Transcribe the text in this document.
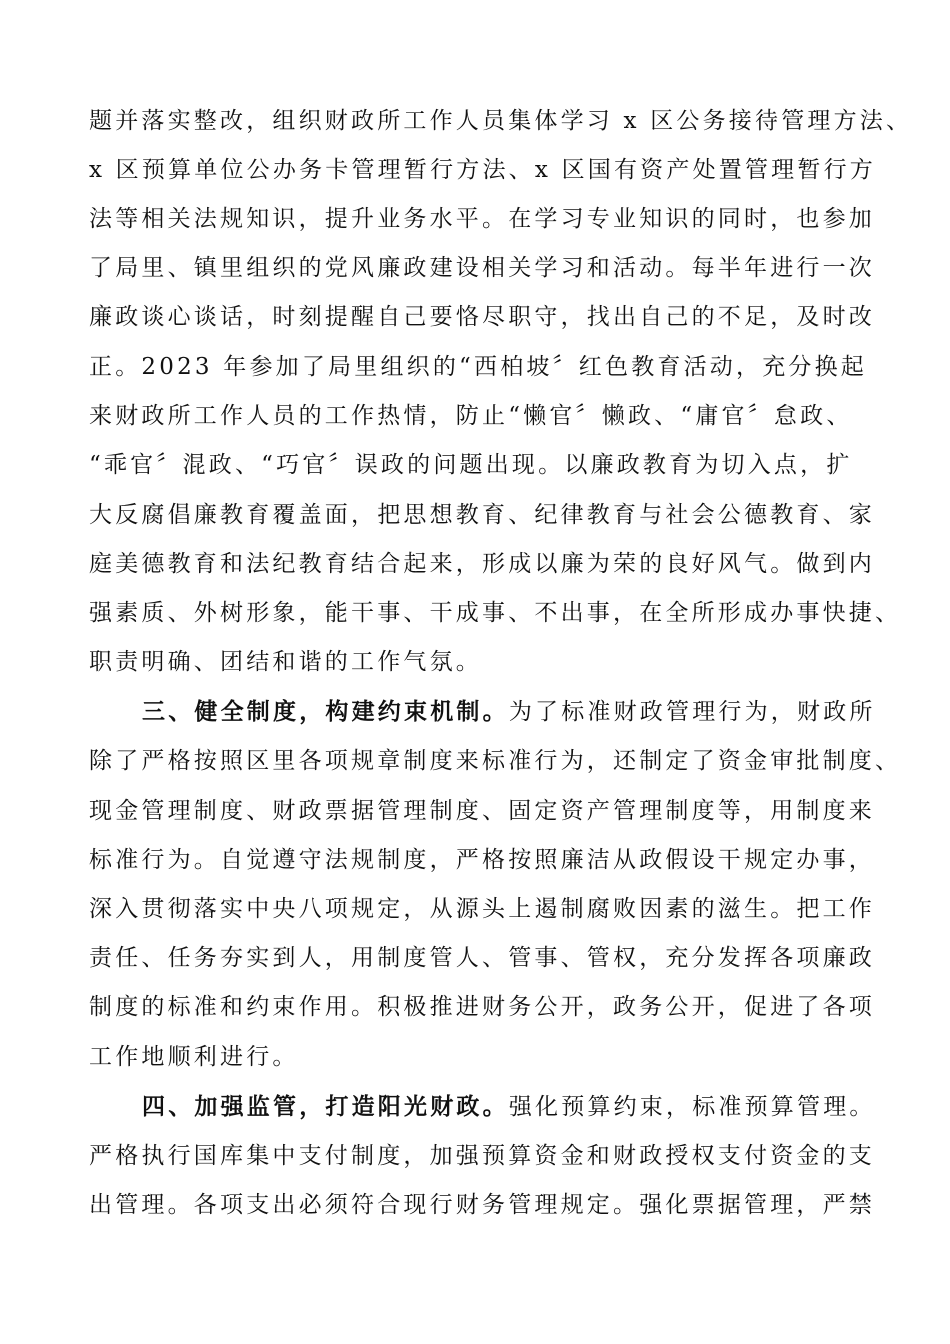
题并落实整改，组织财政所工作人员集体学习 x 区公务接待管理方法、
x 区预算单位公办务卡管理暂行方法、x 区国有资产处置管理暂行方
法等相关法规知识，提升业务水平。在学习专业知识的同时，也参加
了局里、镇里组织的党风廉政建设相关学习和活动。每半年进行一次
廉政谈心谈话，时刻提醒自己要恪尽职守，找出自己的不足，及时改
正。2023 年参加了局里组织的“西柏坡〞红色教育活动，充分换起
来财政所工作人员的工作热情，防止“懒官〞懒政、“庸官〞怠政、
“乖官〞混政、“巧官〞误政的问题出现。以廉政教育为切入点，扩
大反腐倡廉教育覆盖面，把思想教育、纪律教育与社会公德教育、家
庭美德教育和法纪教育结合起来，形成以廉为荣的良好风气。做到内
强素质、外树形象，能干事、干成事、不出事，在全所形成办事快捷、
职责明确、团结和谐的工作气氛。
三、健全制度，构建约束机制。为了标准财政管理行为，财政所
除了严格按照区里各项规章制度来标准行为，还制定了资金审批制度、
现金管理制度、财政票据管理制度、固定资产管理制度等，用制度来
标准行为。自觉遵守法规制度，严格按照廉洁从政假设干规定办事，
深入贯彻落实中央八项规定，从源头上遏制腐败因素的滋生。把工作
责任、任务夯实到人，用制度管人、管事、管权，充分发挥各项廉政
制度的标准和约束作用。积极推进财务公开，政务公开，促进了各项
工作地顺利进行。
四、加强监管，打造阳光财政。强化预算约束，标准预算管理。
严格执行国库集中支付制度，加强预算资金和财政授权支付资金的支
出管理。各项支出必须符合现行财务管理规定。强化票据管理，严禁
